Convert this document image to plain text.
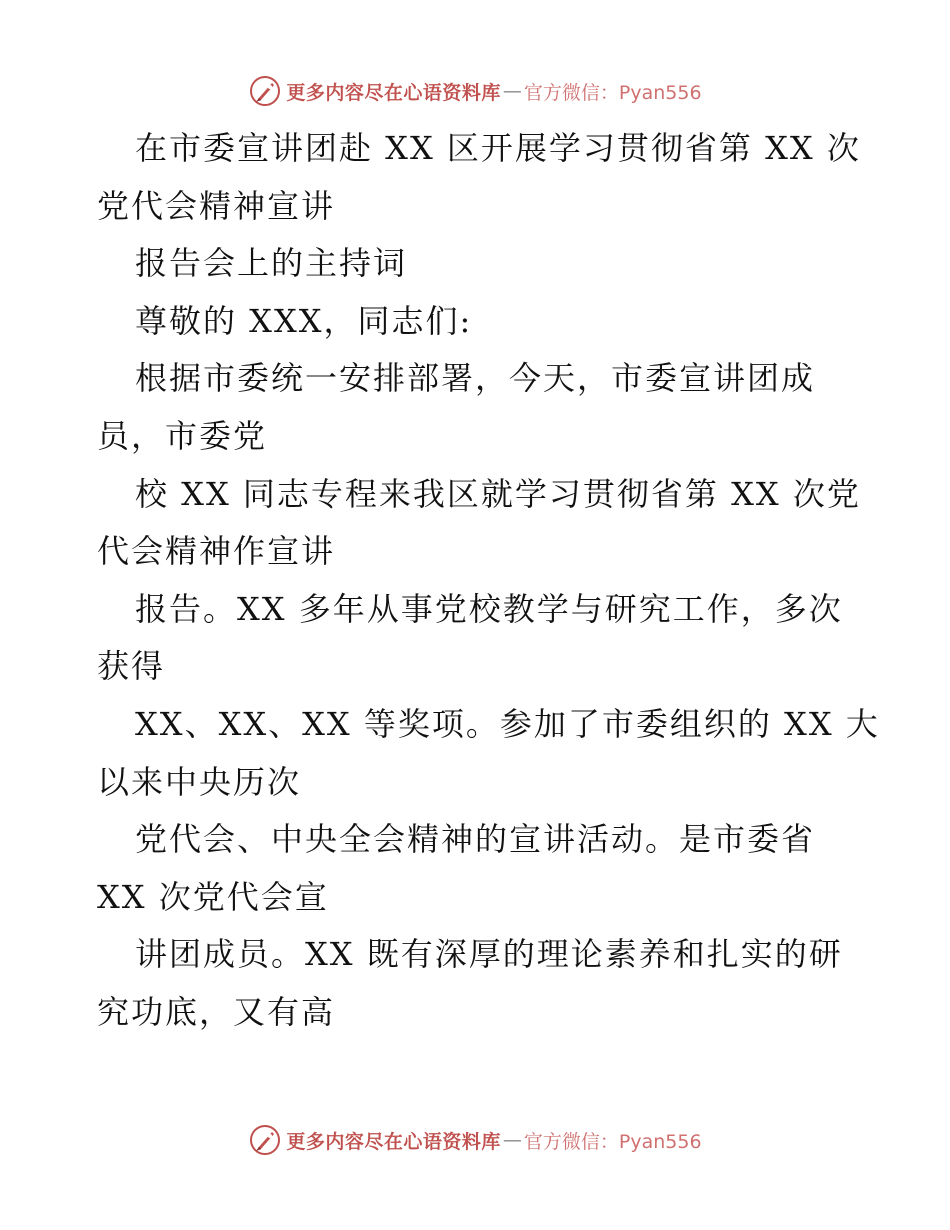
更多内容尽在心语资料库 — 官方微信：Pyan556
在市委宣讲团赴 XX 区开展学习贯彻省第 XX 次
党代会精神宣讲
报告会上的主持词
尊敬的 XXX，同志们:
根据市委统一安排部署，今天，市委宣讲团成
员，市委党
校 XX 同志专程来我区就学习贯彻省第 XX 次党
代会精神作宣讲
报告。XX 多年从事党校教学与研究工作，多次
获得
XX、XX、XX 等奖项。参加了市委组织的 XX 大
以来中央历次
党代会、中央全会精神的宣讲活动。是市委省
XX 次党代会宣
讲团成员。XX 既有深厚的理论素养和扎实的研
究功底，又有高
更多内容尽在心语资料库 — 官方微信：Pyan556
